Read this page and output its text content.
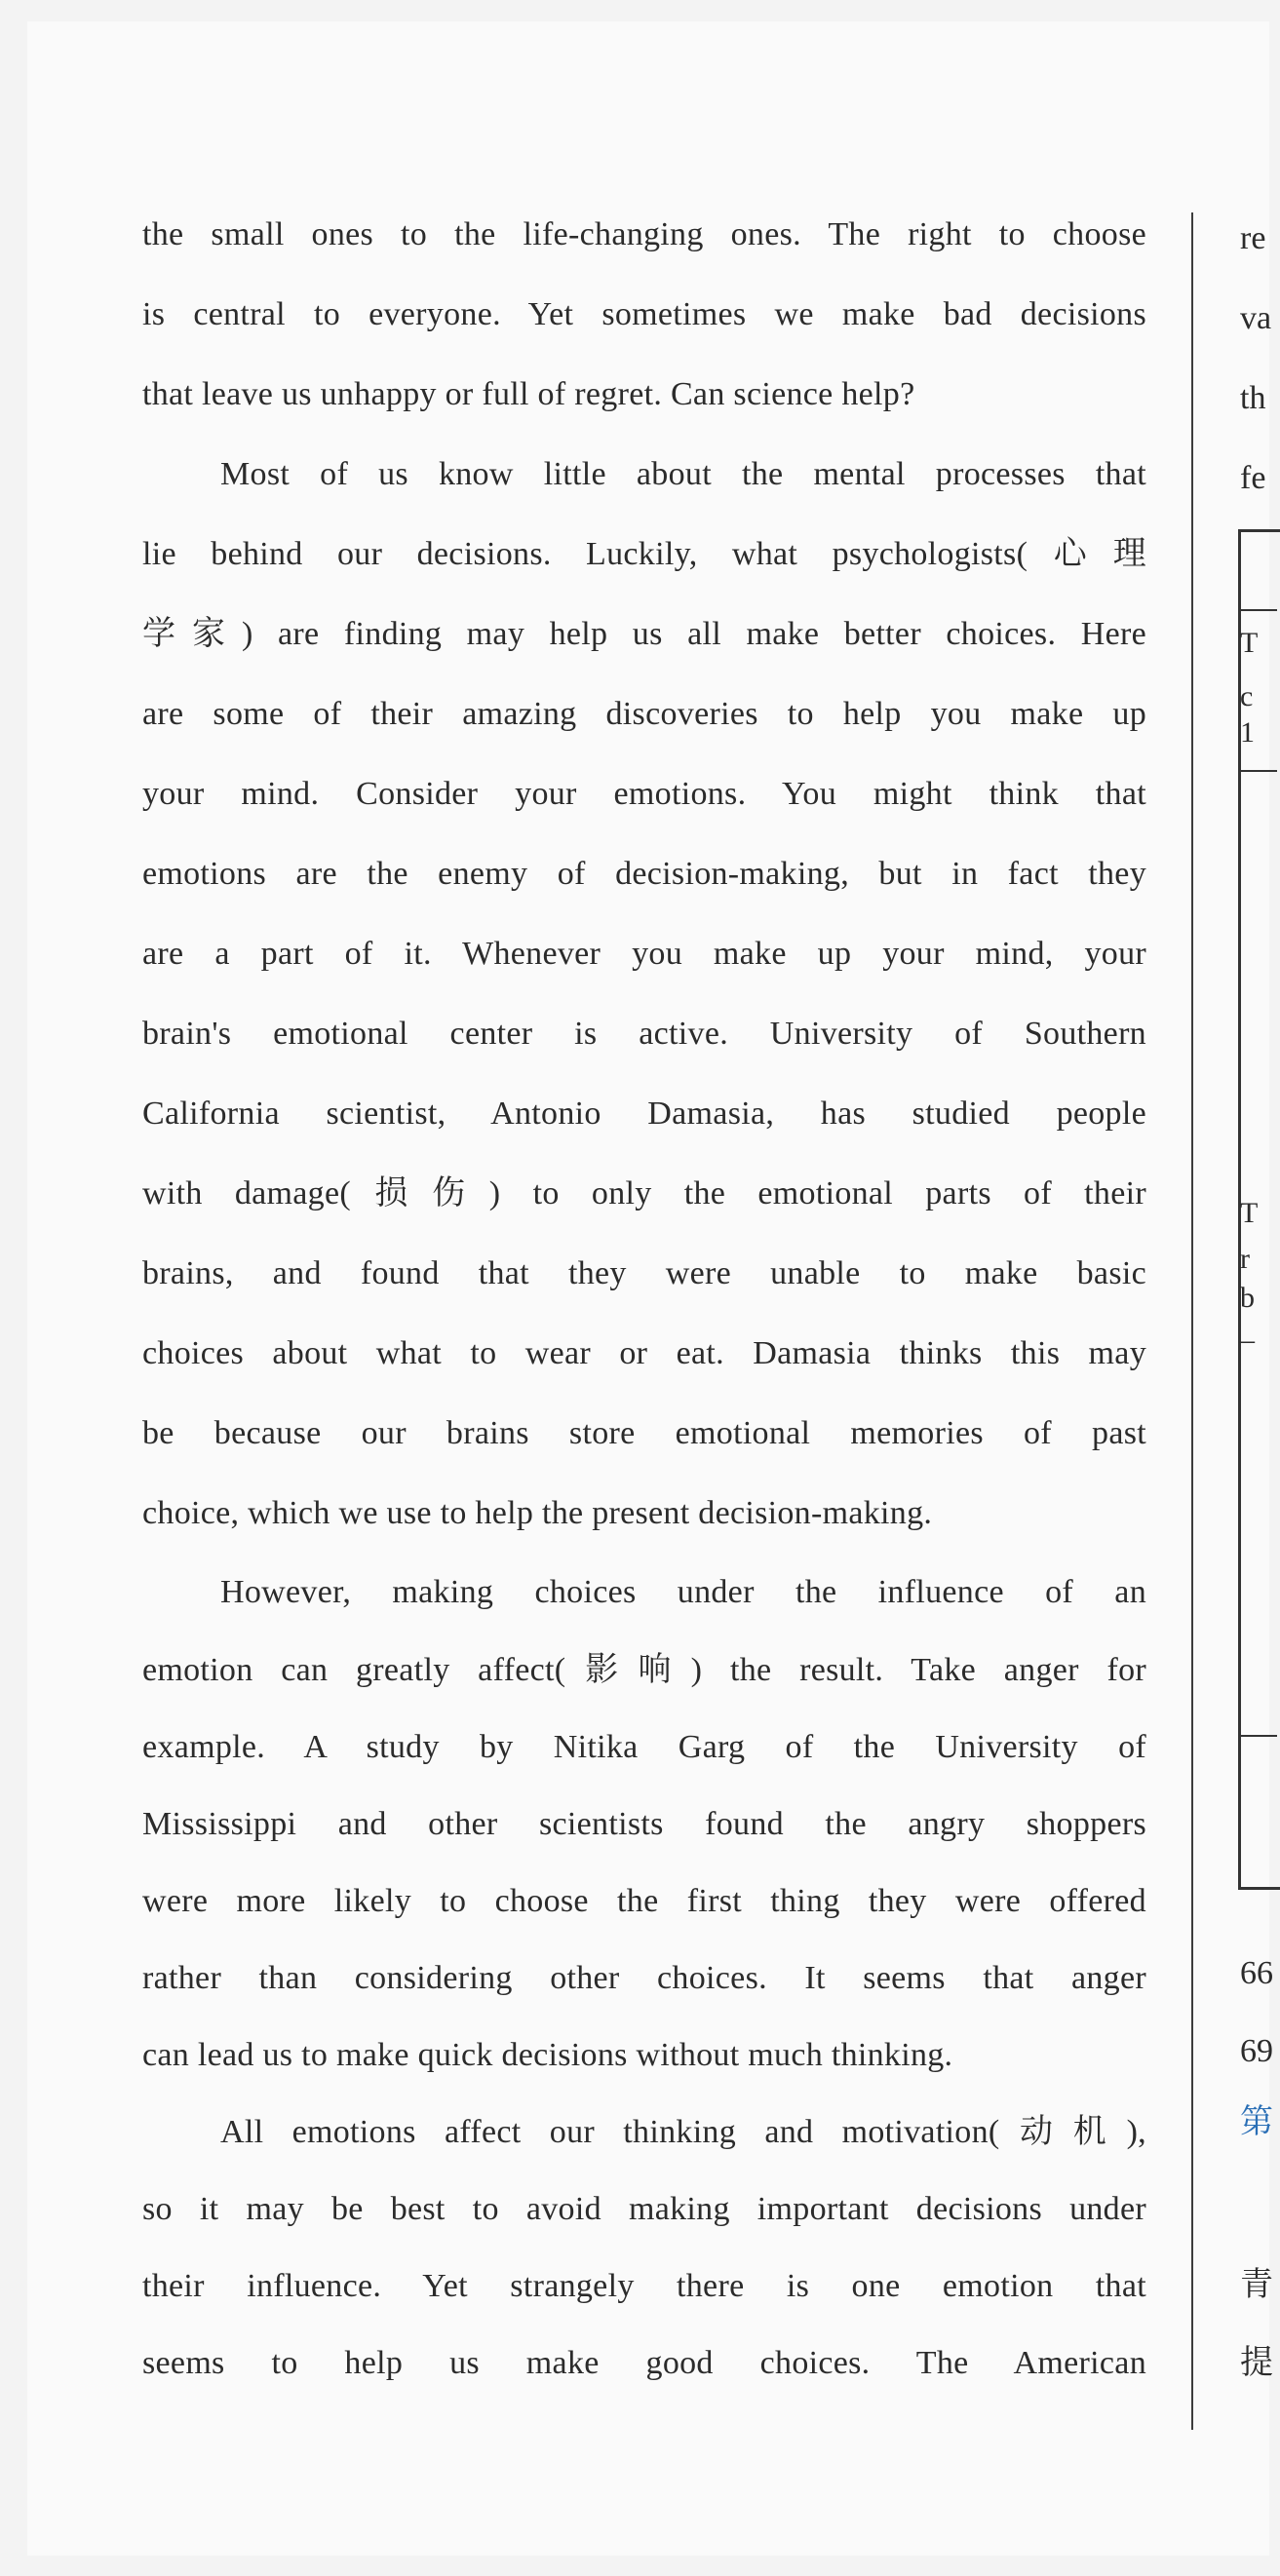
the small ones to the life-changing ones. The right to choose
is central to everyone. Yet sometimes we make bad decisions
that leave us unhappy or full of regret. Can science help?
Most of us know little about the mental processes that
lie behind our decisions. Luckily, what psychologists(心理
学家) are finding may help us all make better choices. Here
are some of their amazing discoveries to help you make up
your mind. Consider your emotions. You might think that
emotions are the enemy of decision-making, but in fact they
are a part of it. Whenever you make up your mind, your
brain's emotional center is active. University of Southern
California scientist, Antonio Damasia, has studied people
with damage(损伤) to only the emotional parts of their
brains, and found that they were unable to make basic
choices about what to wear or eat. Damasia thinks this may
be because our brains store emotional memories of past
choice, which we use to help the present decision-making.
However, making choices under the influence of an
emotion can greatly affect(影响) the result. Take anger for
example. A study by Nitika Garg of the University of
Mississippi and other scientists found the angry shoppers
were more likely to choose the first thing they were offered
rather than considering other choices. It seems that anger
can lead us to make quick decisions without much thinking.
All emotions affect our thinking and motivation(动机),
so it may be best to avoid making important decisions under
their influence. Yet strangely there is one emotion that
seems to help us make good choices. The American
re
va
th
fe
T
c
1
T
r
b
–
66
69
第
青
提
